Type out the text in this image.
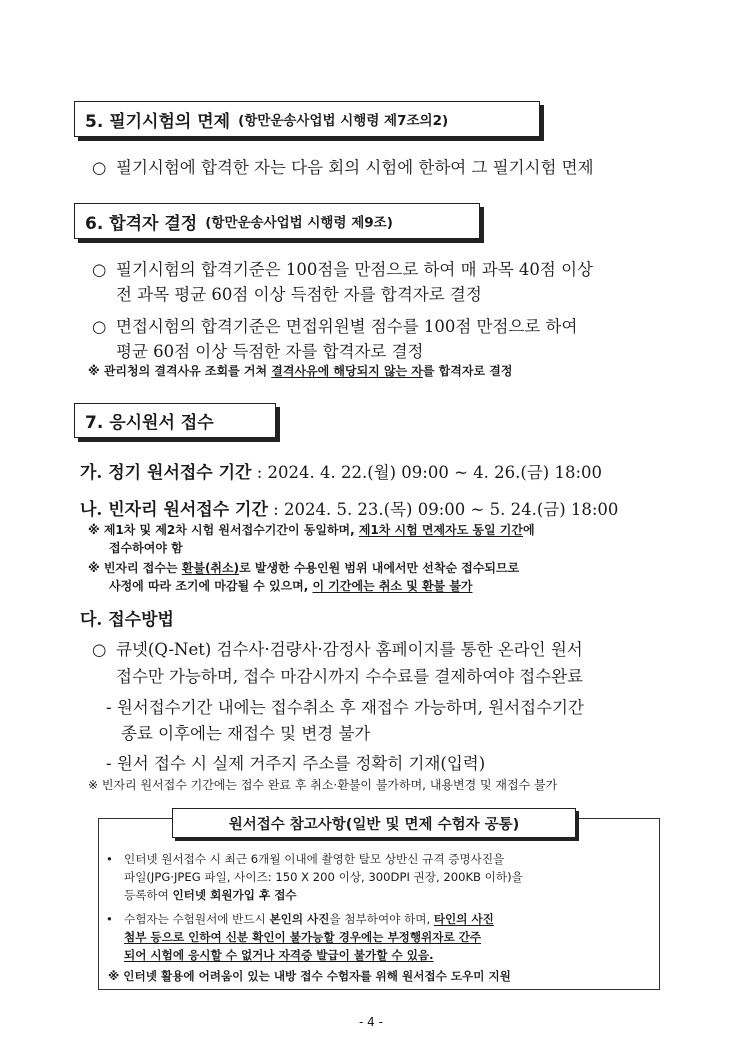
5. 필기시험의 면제 (항만운송사업법 시행령 제7조의2)
○ 필기시험에 합격한 자는 다음 회의 시험에 한하여 그 필기시험 면제
6. 합격자 결정 (항만운송사업법 시행령 제9조)
○ 필기시험의 합격기준은 100점을 만점으로 하여 매 과목 40점 이상
전 과목 평균 60점 이상 득점한 자를 합격자로 결정
○ 면접시험의 합격기준은 면접위원별 점수를 100점 만점으로 하여
평균 60점 이상 득점한 자를 합격자로 결정
※ 관리청의 결격사유 조회를 거쳐 결격사유에 해당되지 않는 자를 합격자로 결정
7. 응시원서 접수
가. 정기 원서접수 기간 : 2024. 4. 22.(월) 09:00 ~ 4. 26.(금) 18:00
나. 빈자리 원서접수 기간 : 2024. 5. 23.(목) 09:00 ~ 5. 24.(금) 18:00
※ 제1차 및 제2차 시험 원서접수기간이 동일하며, 제1차 시험 면제자도 동일 기간에
접수하여야 함
※ 빈자리 접수는 환불(취소)로 발생한 수용인원 범위 내에서만 선착순 접수되므로
사정에 따라 조기에 마감될 수 있으며, 이 기간에는 취소 및 환불 불가
다. 접수방법
○ 큐넷(Q-Net) 검수사·검량사·감정사 홈페이지를 통한 온라인 원서
접수만 가능하며, 접수 마감시까지 수수료를 결제하여야 접수완료
- 원서접수기간 내에는 접수취소 후 재접수 가능하며, 원서접수기간
종료 이후에는 재접수 및 변경 불가
- 원서 접수 시 실제 거주지 주소를 정확히 기재(입력)
※ 빈자리 원서접수 기간에는 접수 완료 후 취소·환불이 불가하며, 내용변경 및 재접수 불가
원서접수 참고사항(일반 및 면제 수험자 공통)
• 인터넷 원서접수 시 최근 6개월 이내에 촬영한 탈모 상반신 규격 증명사진을
파일(JPG·JPEG 파일, 사이즈: 150 X 200 이상, 300DPI 권장, 200KB 이하)을
등록하여 인터넷 회원가입 후 접수
• 수험자는 수험원서에 반드시 본인의 사진을 첨부하여야 하며, 타인의 사진
첨부 등으로 인하여 신분 확인이 불가능할 경우에는 부정행위자로 간주
되어 시험에 응시할 수 없거나 자격증 발급이 불가할 수 있음.
※ 인터넷 활용에 어려움이 있는 내방 접수 수험자를 위해 원서접수 도우미 지원
- 4 -
